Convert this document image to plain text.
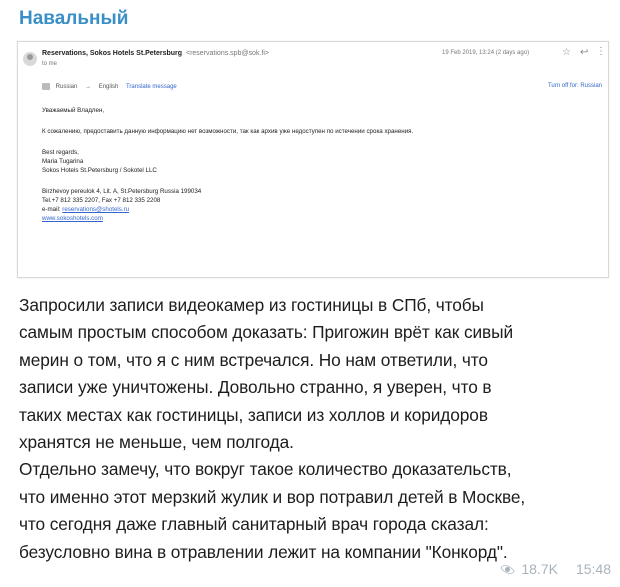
Навальный
Reservations, Sokos Hotels St.Petersburg <reservations.spb@sok.fi>
to me
19 Feb 2019, 13:24 (2 days ago)	☆ ↩ ⋮
Russian → English Translate message	Turn off for: Russian

Уважаемый Владлен,

К сожалению, предоставить данную информацию нет возможности, так как архив уже недоступен по истечении срока хранения.

Best regards,

Maria Tugarina

Sokos Hotels St.Petersburg / Sokotel LLC

Birzhevoy pereulok 4, Lit. A, St.Petersburg Russia 199034

Tel.+7 812 335 2207, Fax +7 812 335 2208

e-mail: reservations@shotels.ru

www.sokoshotels.com

Запросили записи видеокамер из гостиницы в СПб, чтобы

самым простым способом доказать: Пригожин врёт как сивый

мерин о том, что я с ним встречался. Но нам ответили, что

записи уже уничтожены. Довольно странно, я уверен, что в

таких местах как гостиницы, записи из холлов и коридоров

хранятся не меньше, чем полгода.

Отдельно замечу, что вокруг такое количество доказательств,

что именно этот мерзкий жулик и вор потравил детей в Москве,

что сегодня даже главный санитарный врач города сказал:

безусловно вина в отравлении лежит на компании "Конкорд".

18.7K 15:48
